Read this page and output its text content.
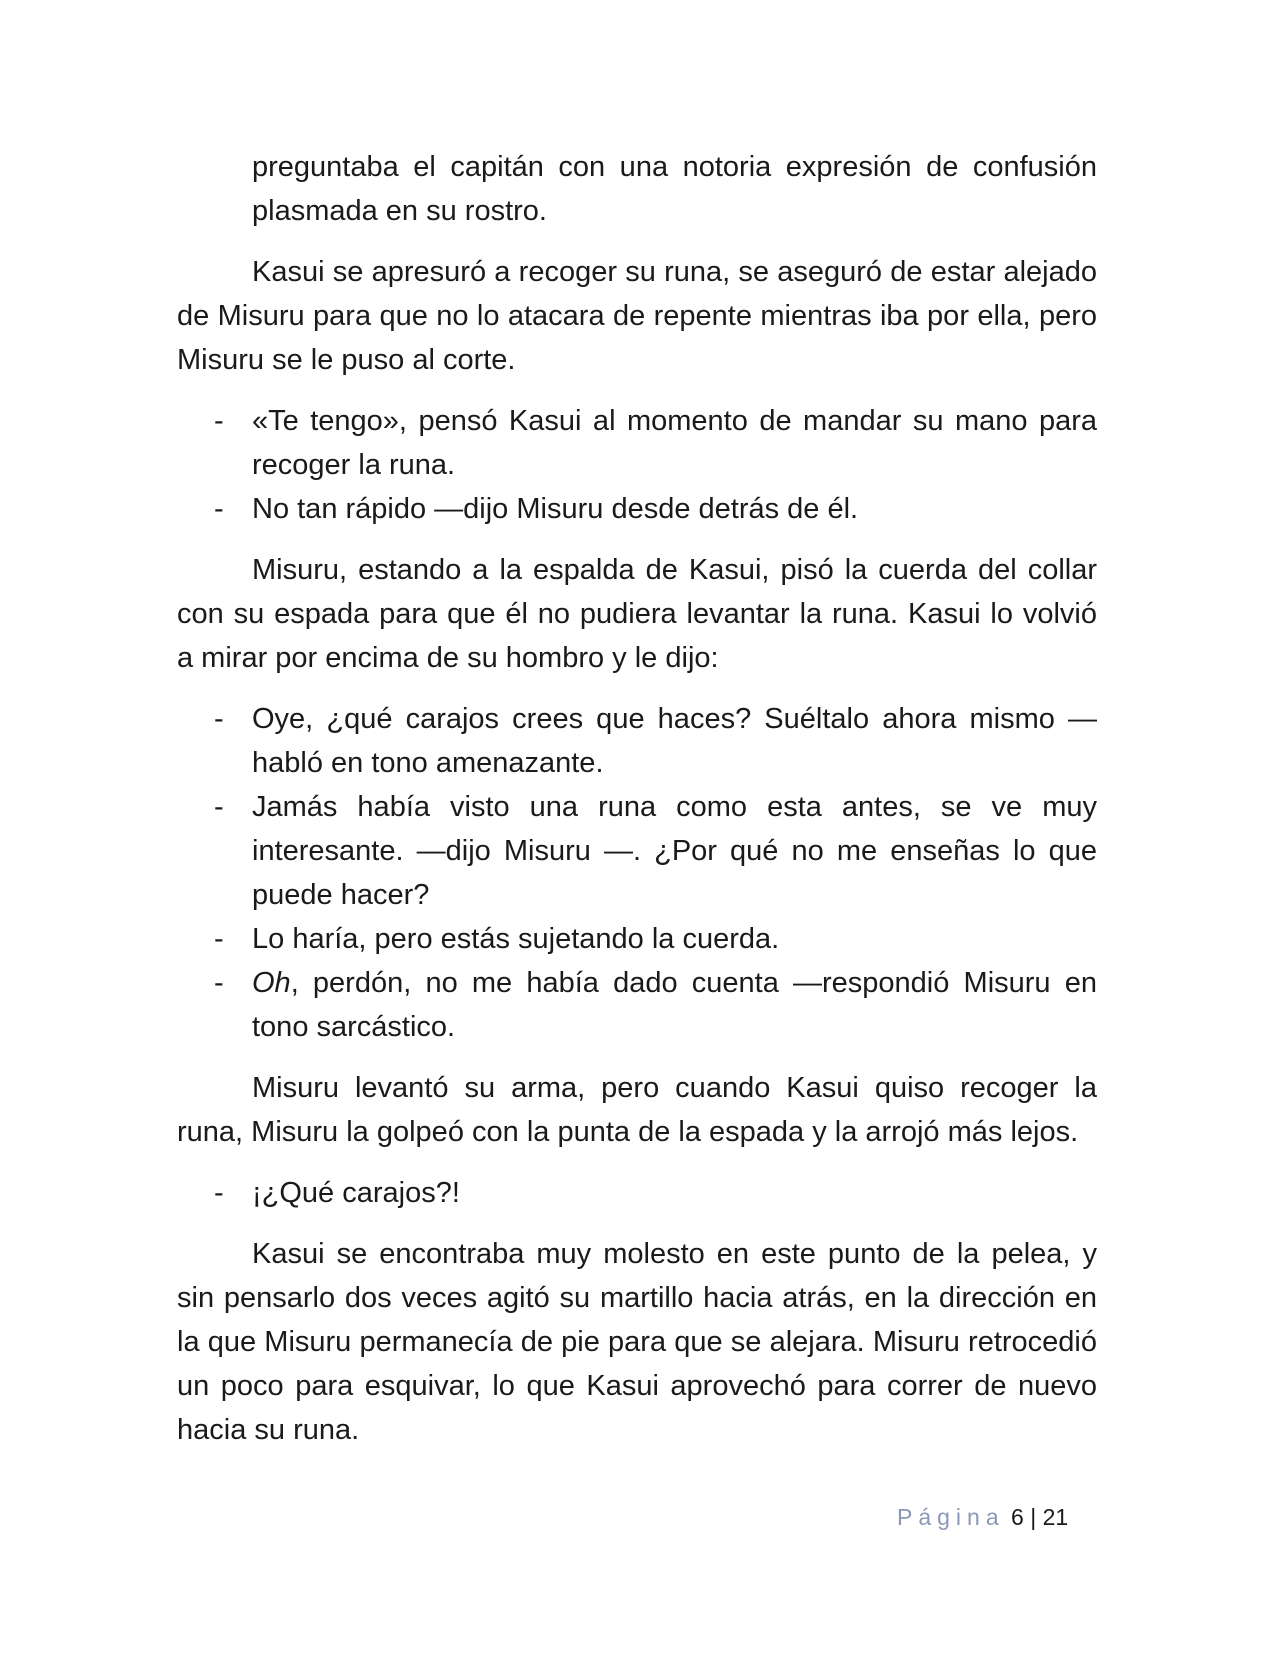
preguntaba el capitán con una notoria expresión de confusión plasmada en su rostro.

Kasui se apresuró a recoger su runa, se aseguró de estar alejado de Misuru para que no lo atacara de repente mientras iba por ella, pero Misuru se le puso al corte.

- «Te tengo», pensó Kasui al momento de mandar su mano para recoger la runa.
- No tan rápido —dijo Misuru desde detrás de él.

Misuru, estando a la espalda de Kasui, pisó la cuerda del collar con su espada para que él no pudiera levantar la runa. Kasui lo volvió a mirar por encima de su hombro y le dijo:

- Oye, ¿qué carajos crees que haces? Suéltalo ahora mismo —habló en tono amenazante.
- Jamás había visto una runa como esta antes, se ve muy interesante. —dijo Misuru —. ¿Por qué no me enseñas lo que puede hacer?
- Lo haría, pero estás sujetando la cuerda.
- Oh, perdón, no me había dado cuenta —respondió Misuru en tono sarcástico.

Misuru levantó su arma, pero cuando Kasui quiso recoger la runa, Misuru la golpeó con la punta de la espada y la arrojó más lejos.

- ¡¿Qué carajos?!

Kasui se encontraba muy molesto en este punto de la pelea, y sin pensarlo dos veces agitó su martillo hacia atrás, en la dirección en la que Misuru permanecía de pie para que se alejara. Misuru retrocedió un poco para esquivar, lo que Kasui aprovechó para correr de nuevo hacia su runa.

Página 6 | 21
